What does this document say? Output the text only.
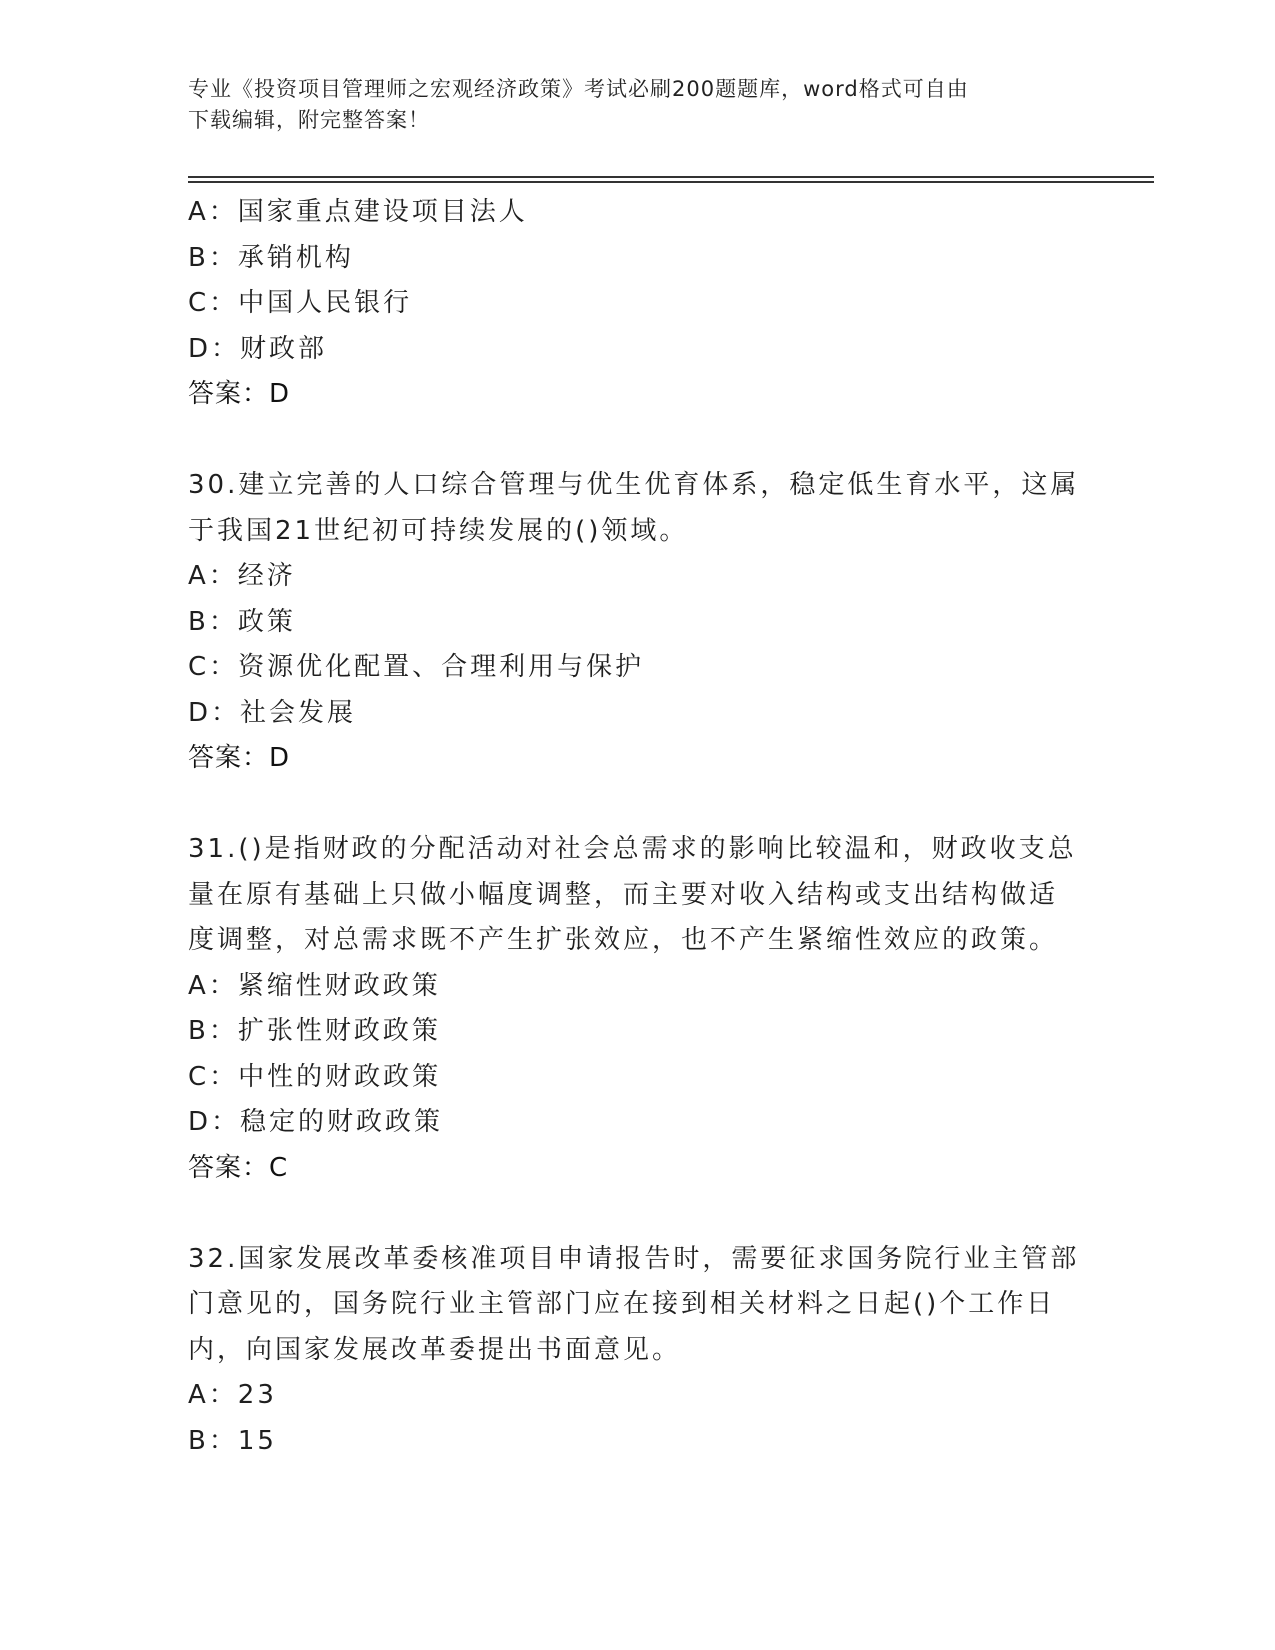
专业《投资项目管理师之宏观经济政策》考试必刷200题题库，word格式可自由

下载编辑，附完整答案！

A：国家重点建设项目法人
B：承销机构
C：中国人民银行
D：财政部
答案：D
30.建立完善的人口综合管理与优生优育体系，稳定低生育水平，这属
于我国21世纪初可持续发展的()领域。
A：经济
B：政策
C：资源优化配置、合理利用与保护
D：社会发展
答案：D
31.()是指财政的分配活动对社会总需求的影响比较温和，财政收支总
量在原有基础上只做小幅度调整，而主要对收入结构或支出结构做适
度调整，对总需求既不产生扩张效应，也不产生紧缩性效应的政策。
A：紧缩性财政政策
B：扩张性财政政策
C：中性的财政政策
D：稳定的财政政策
答案：C
32.国家发展改革委核准项目申请报告时，需要征求国务院行业主管部
门意见的，国务院行业主管部门应在接到相关材料之日起()个工作日
内，向国家发展改革委提出书面意见。
A：23
B：15
